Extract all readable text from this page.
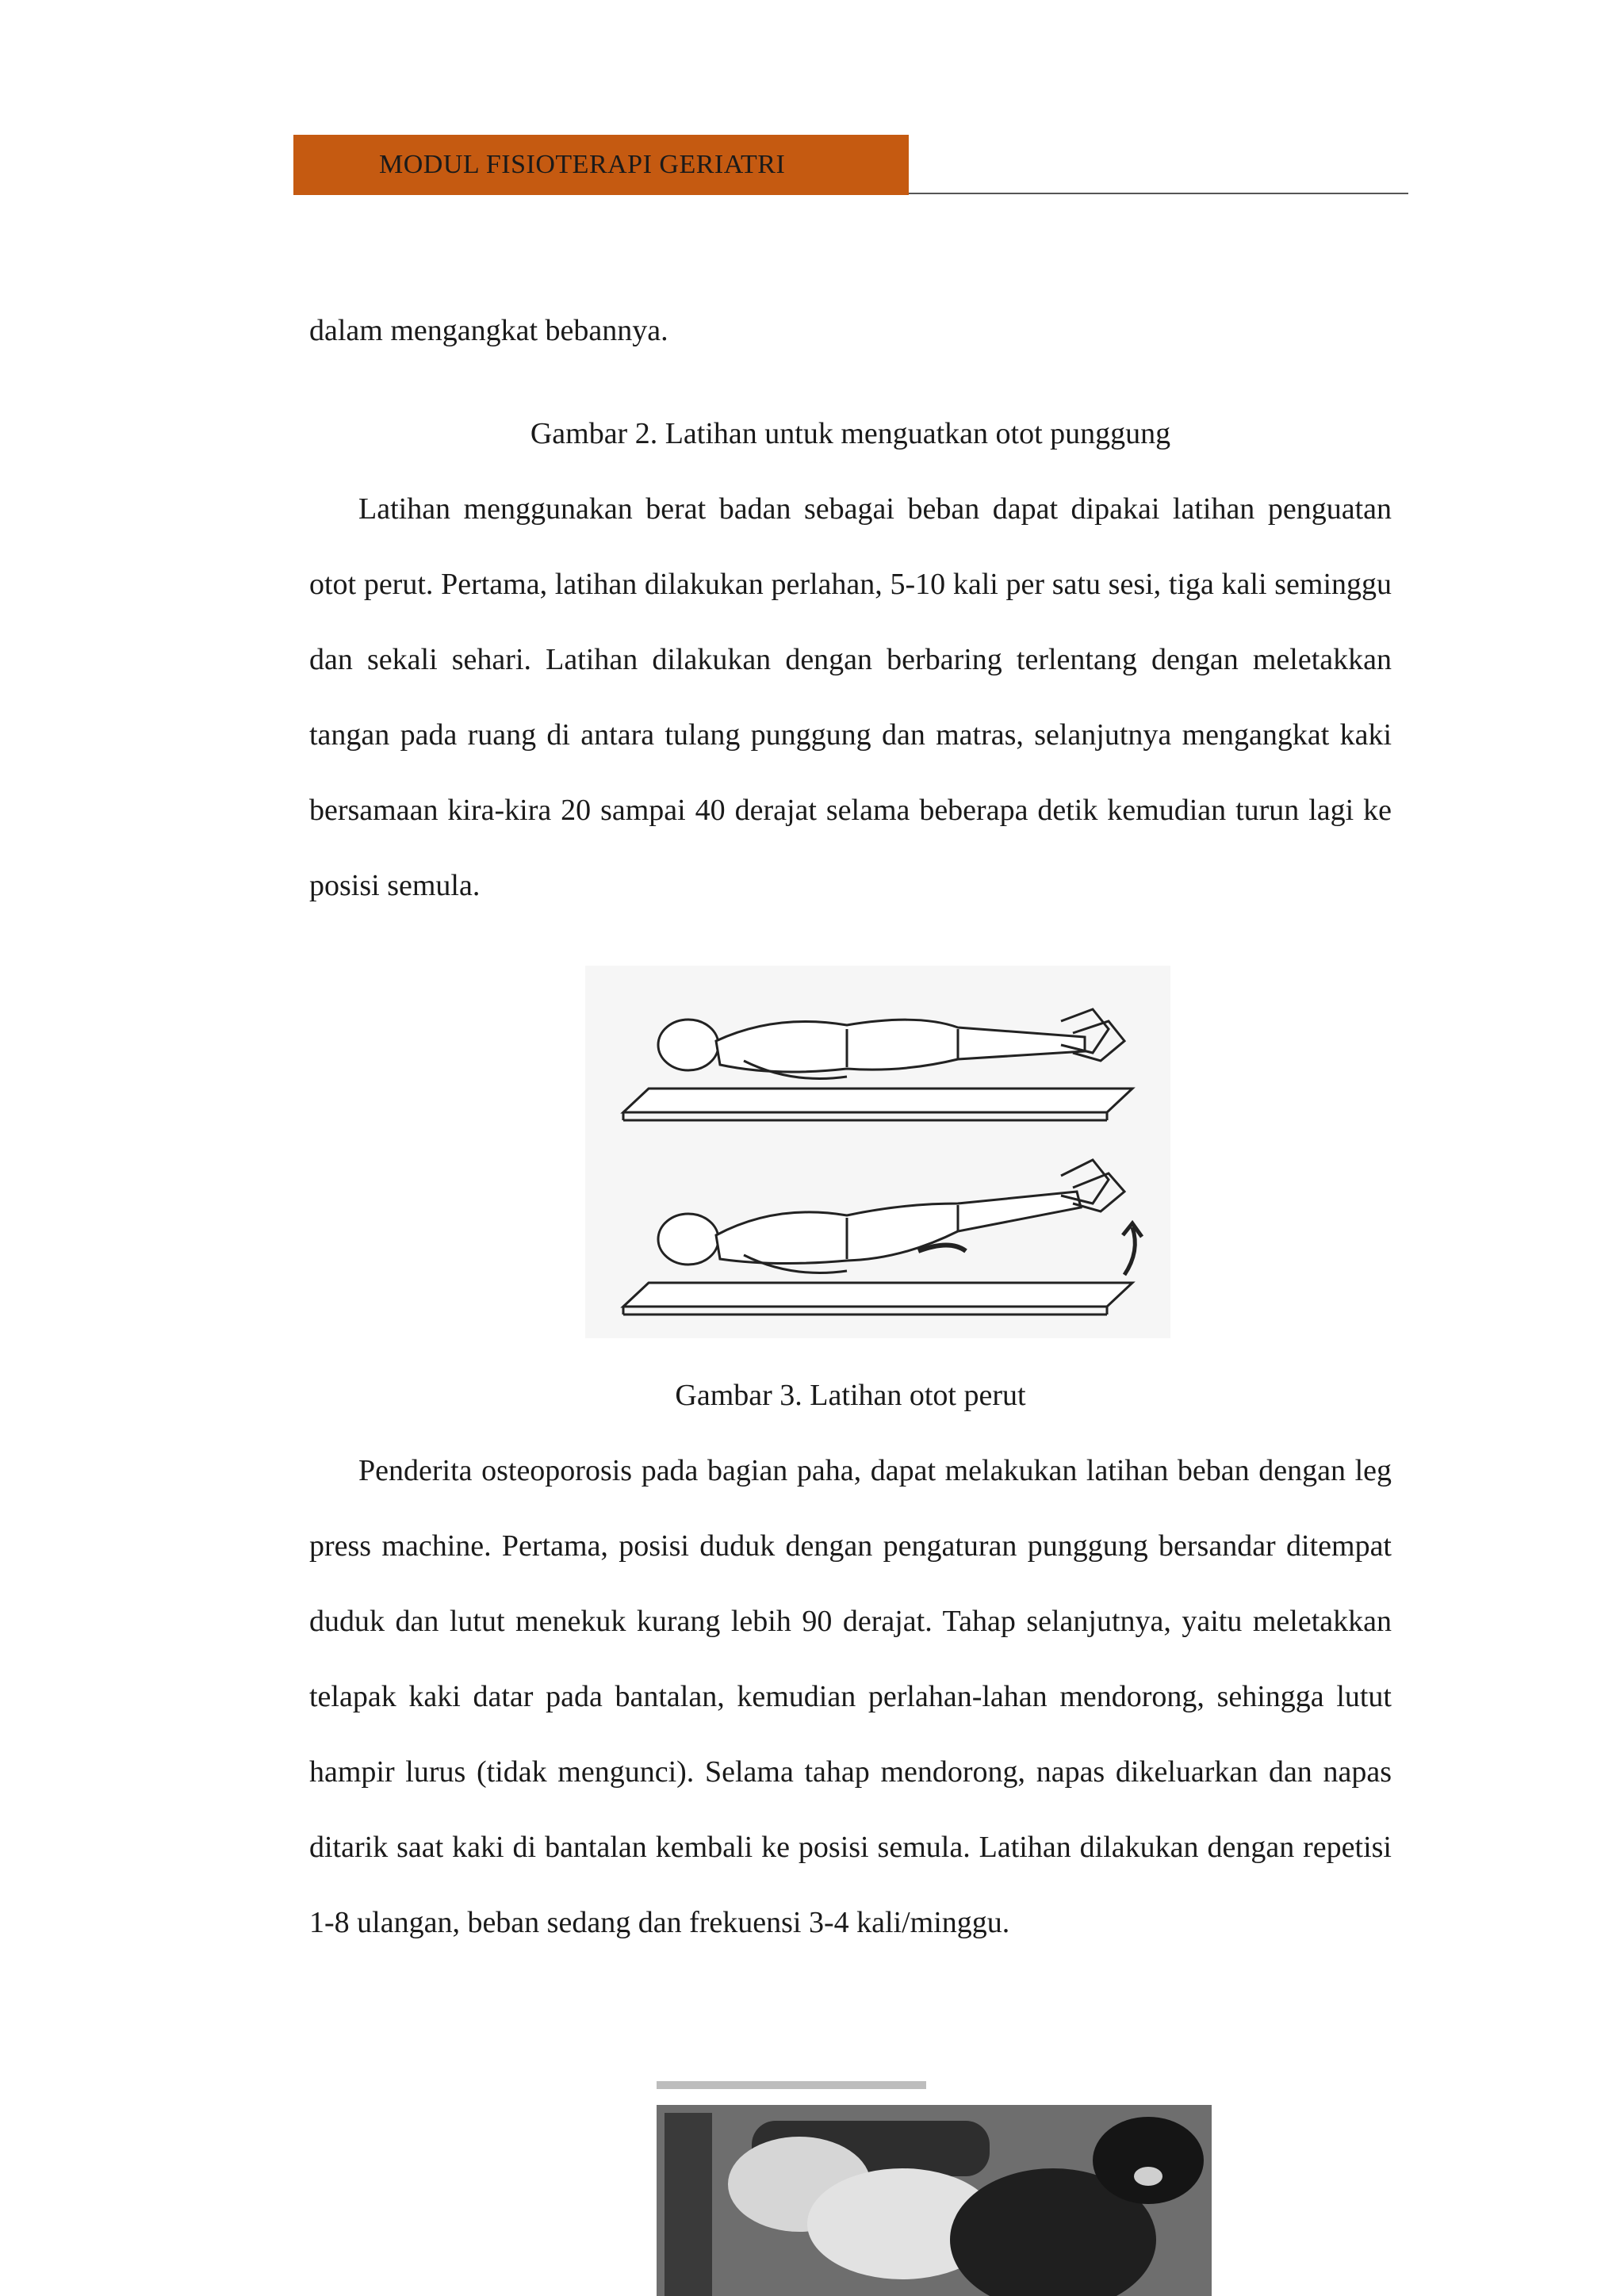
MODUL FISIOTERAPI GERIATRI

dalam mengangkat bebannya.

Gambar 2. Latihan untuk menguatkan otot punggung

Latihan menggunakan berat badan sebagai beban dapat dipakai latihan penguatan otot perut. Pertama, latihan dilakukan perlahan, 5-10 kali per satu sesi, tiga kali seminggu dan sekali sehari. Latihan dilakukan dengan berbaring terlentang dengan meletakkan tangan pada ruang di antara tulang punggung dan matras, selanjutnya mengangkat kaki bersamaan kira-kira 20 sampai 40 derajat selama beberapa detik kemudian turun lagi ke posisi semula.

Gambar 3. Latihan otot perut

Penderita osteoporosis pada bagian paha, dapat melakukan latihan beban dengan leg press machine. Pertama, posisi duduk dengan pengaturan punggung bersandar ditempat duduk dan lutut menekuk kurang lebih 90 derajat. Tahap selanjutnya, yaitu meletakkan telapak kaki datar pada bantalan, kemudian perlahan-lahan mendorong, sehingga lutut hampir lurus (tidak mengunci). Selama tahap mendorong, napas dikeluarkan dan napas ditarik saat kaki di bantalan kembali ke posisi semula. Latihan dilakukan dengan repetisi 1-8 ulangan, beban sedang dan frekuensi 3-4 kali/minggu.
